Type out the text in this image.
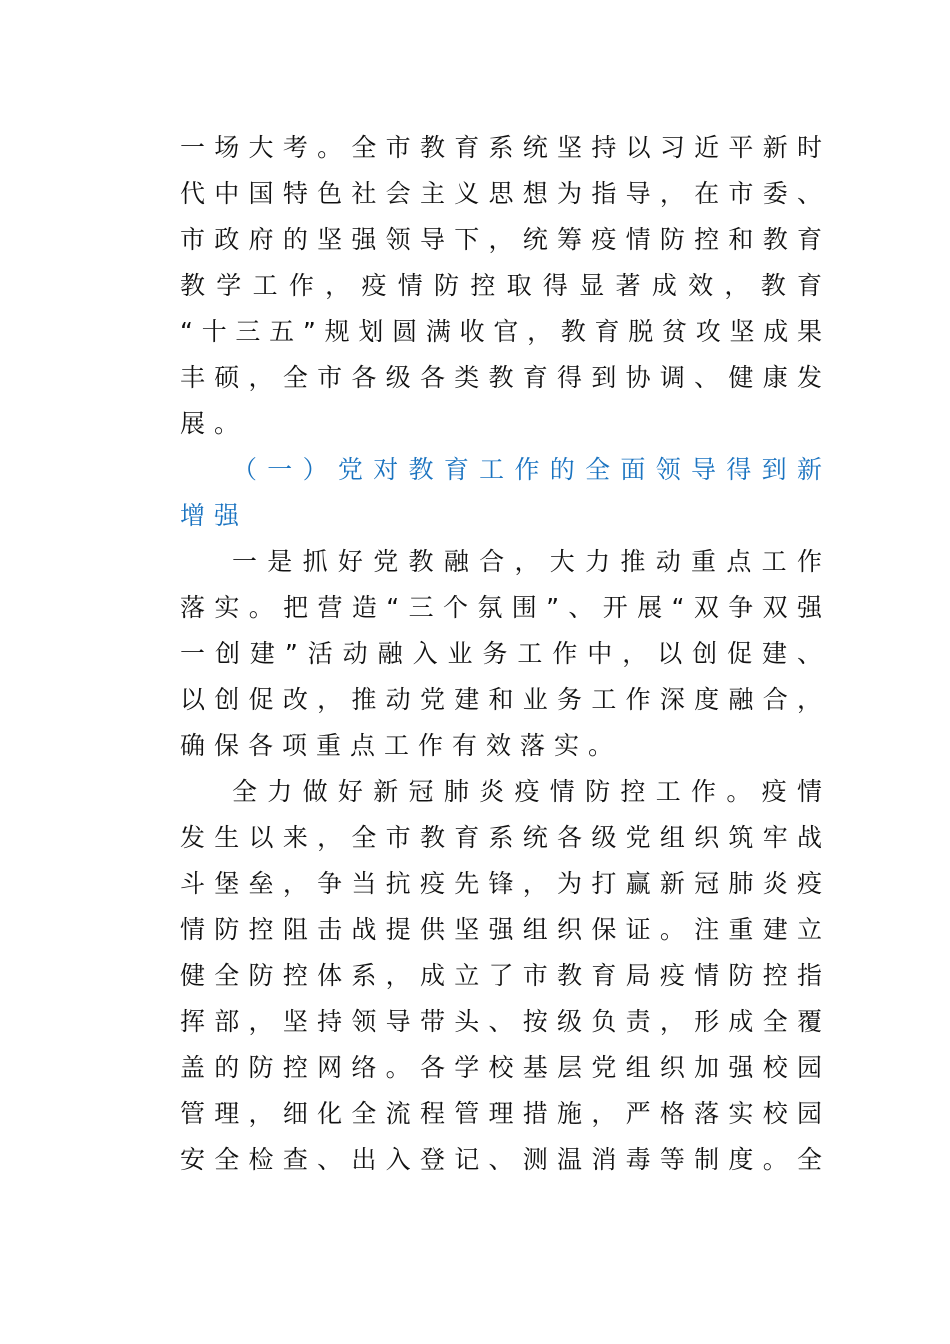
一场大考。全市教育系统坚持以习近平新时
代中国特色社会主义思想为指导，在市委、
市政府的坚强领导下，统筹疫情防控和教育
教学工作，疫情防控取得显著成效，教育
“十三五”规划圆满收官，教育脱贫攻坚成果
丰硕，全市各级各类教育得到协调、健康发
展。
（一）党对教育工作的全面领导得到新
增强
一是抓好党教融合，大力推动重点工作
落实。把营造“三个氛围”、开展“双争双强
一创建”活动融入业务工作中，以创促建、
以创促改，推动党建和业务工作深度融合，
确保各项重点工作有效落实。
全力做好新冠肺炎疫情防控工作。疫情
发生以来，全市教育系统各级党组织筑牢战
斗堡垒，争当抗疫先锋，为打赢新冠肺炎疫
情防控阻击战提供坚强组织保证。注重建立
健全防控体系，成立了市教育局疫情防控指
挥部，坚持领导带头、按级负责，形成全覆
盖的防控网络。各学校基层党组织加强校园
管理，细化全流程管理措施，严格落实校园
安全检查、出入登记、测温消毒等制度。全
